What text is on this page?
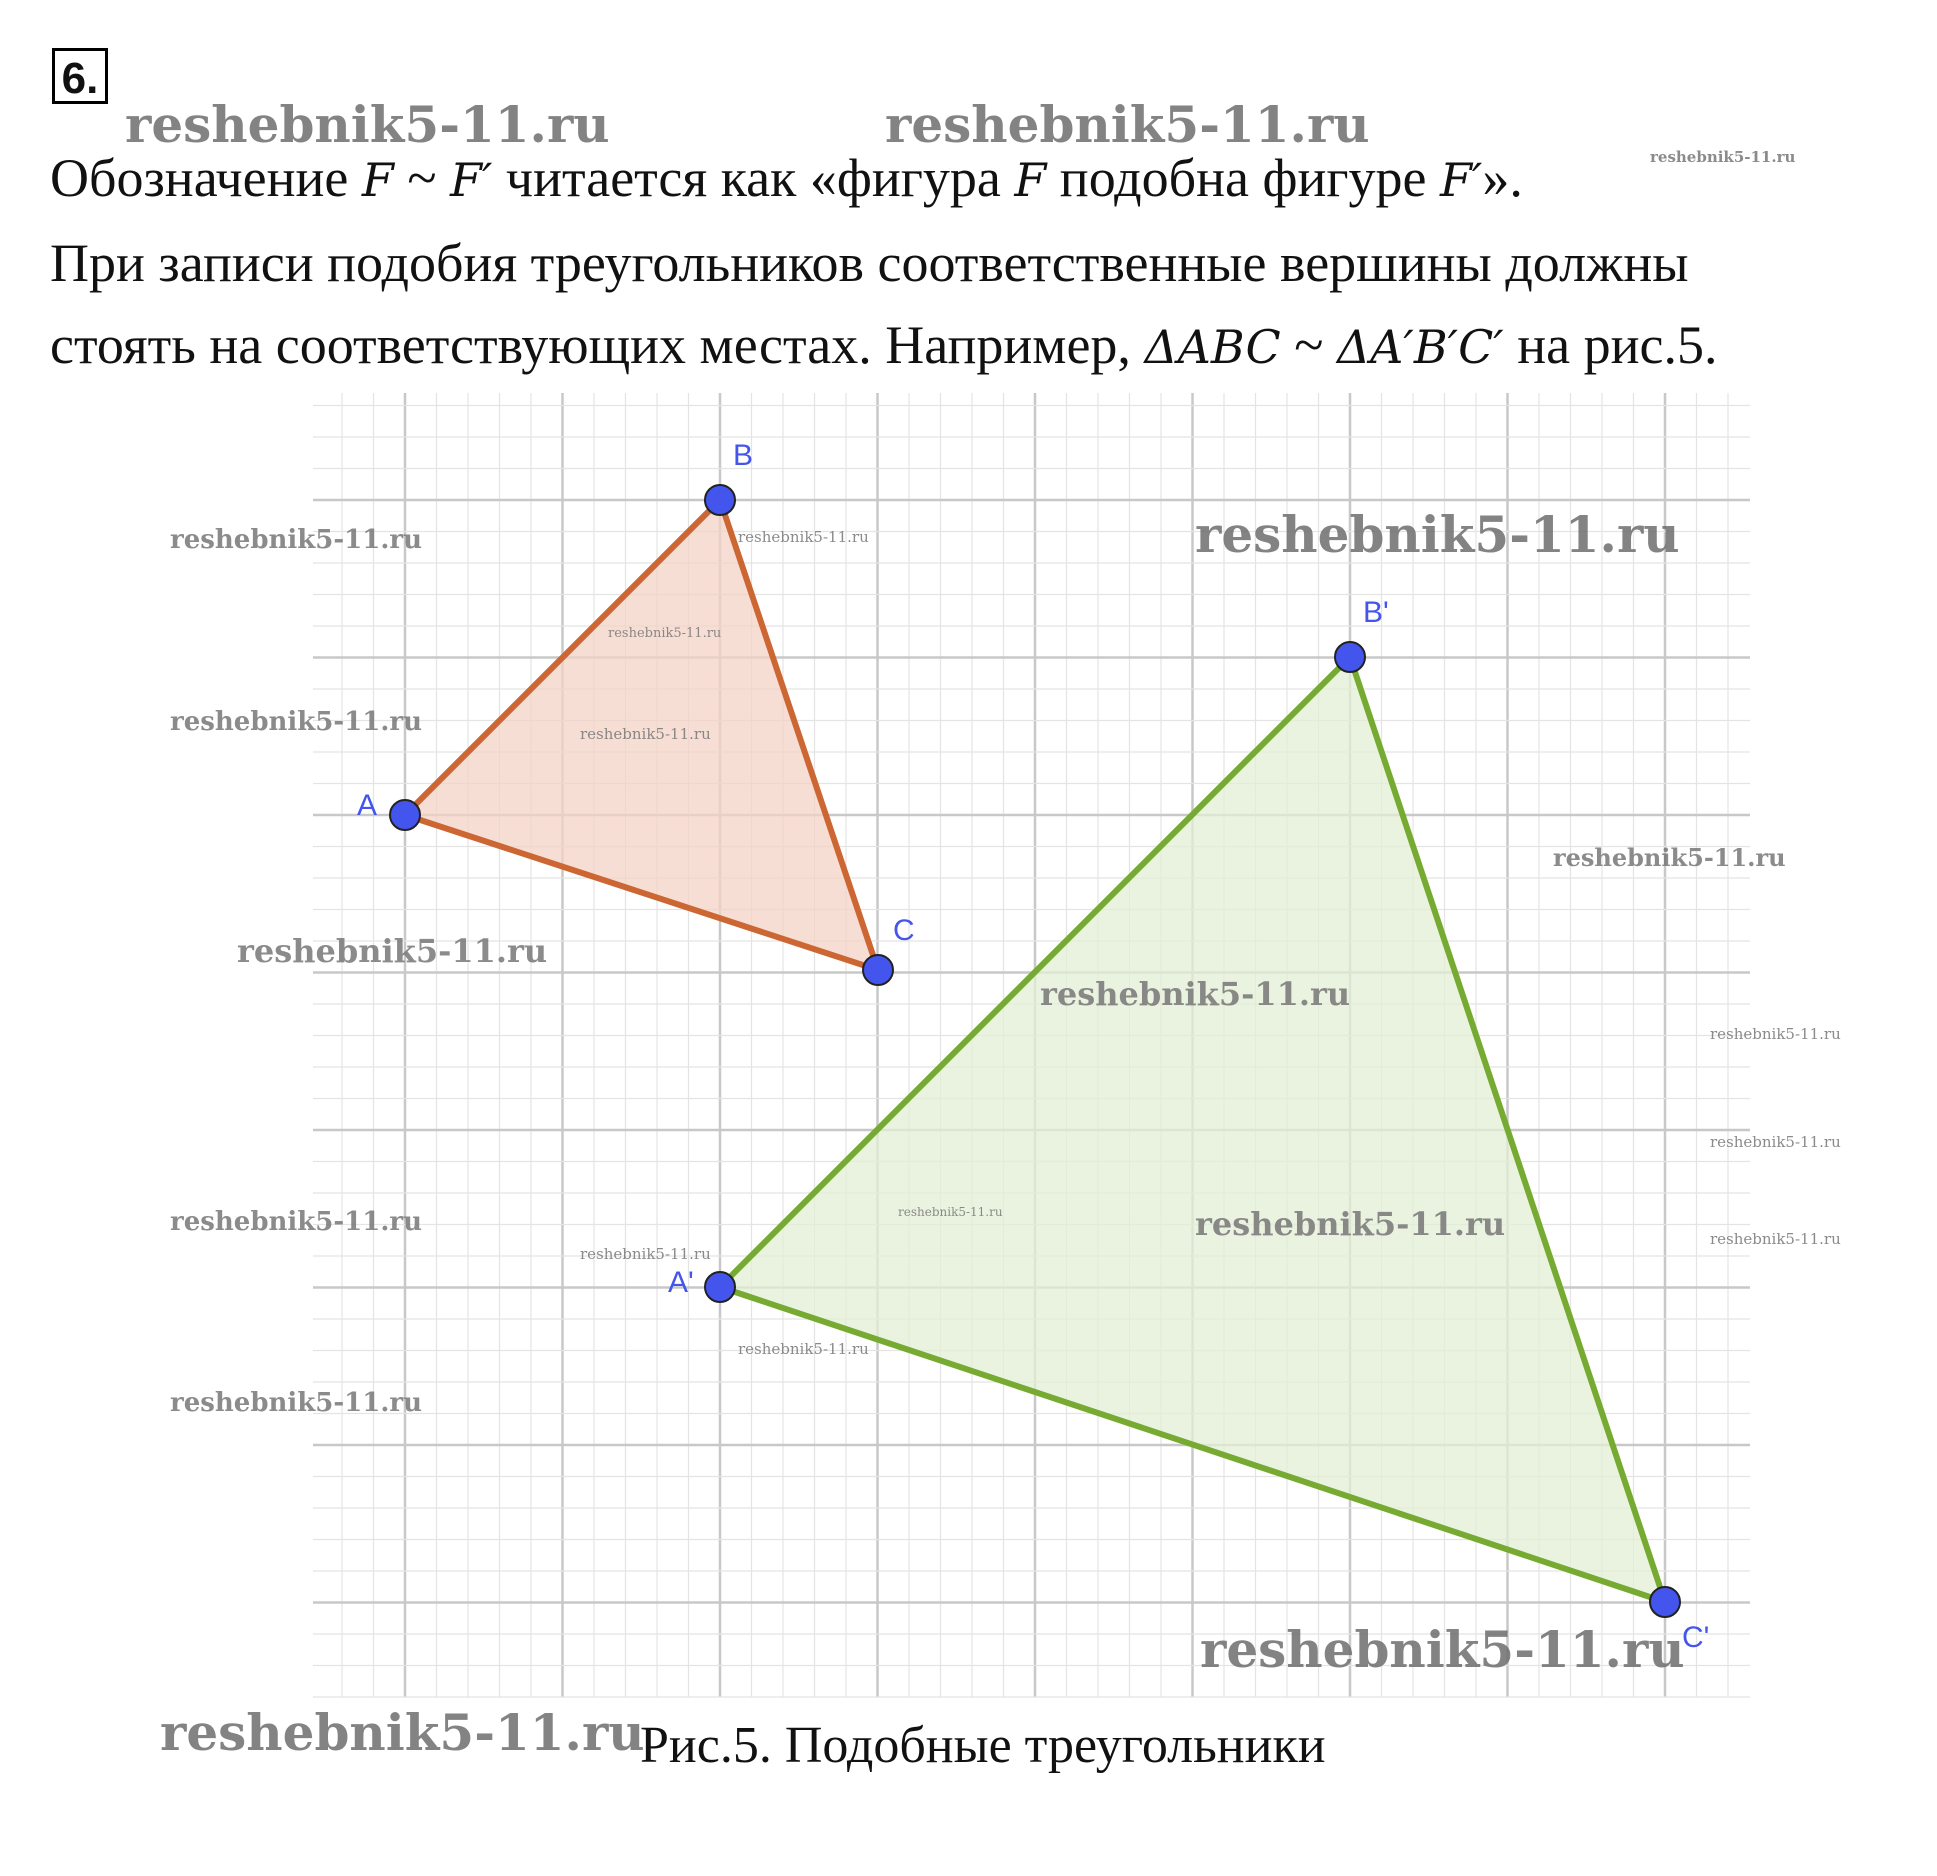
6.
Обозначение F ~ F′ читается как «фигура F подобна фигуре F′».
При записи подобия треугольников соответственные вершины должны
стоять на соответствующих местах. Например, ΔABC ~ ΔA′B′C′ на рис.5.
A
B
C
A'
B'
C'
Рис.5. Подобные треугольники
reshebnik5-11.ru	reshebnik5-11.ru
reshebnik5-11.ru
reshebnik5-11.ru	reshebnik5-11.ru	reshebnik5-11.ru
reshebnik5-11.ru
reshebnik5-11.ru	reshebnik5-11.ru
reshebnik5-11.ru
reshebnik5-11.ru
reshebnik5-11.ru
reshebnik5-11.ru
reshebnik5-11.ru
reshebnik5-11.ru
reshebnik5-11.ru
reshebnik5-11.ru	reshebnik5-11.ru
reshebnik5-11.ru
reshebnik5-11.ru
reshebnik5-11.ru
reshebnik5-11.ru
reshebnik5-11.ru
